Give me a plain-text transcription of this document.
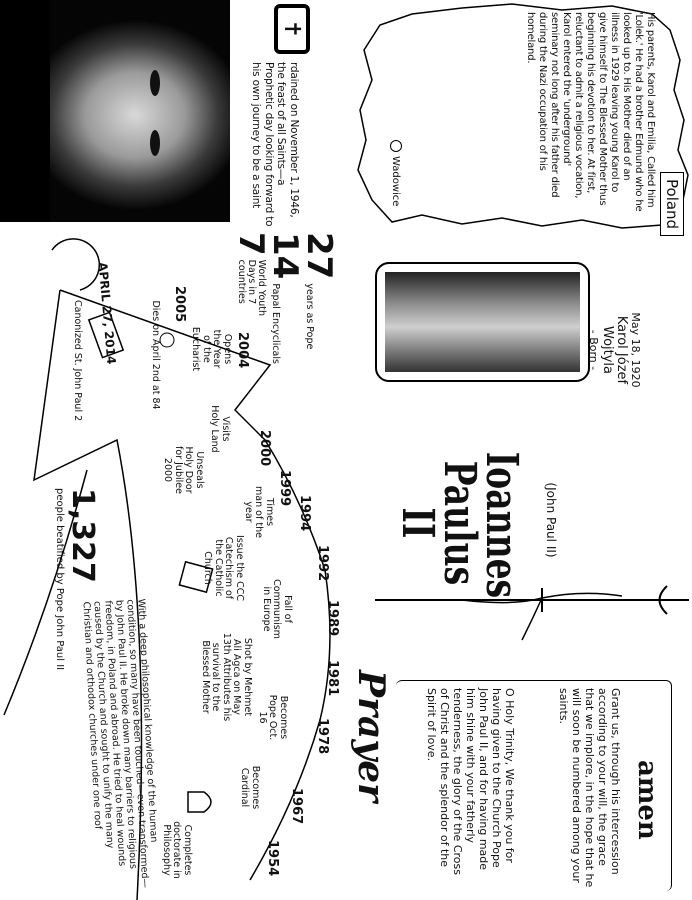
✝
rdained on November 1, 1946, the feast of all Saints—a Prophetic day looking forward to his own journey to be a saint
27
years as Pope
14
Papal Encyclicals
7
World Youth Days in 7 countries
Poland
His parents, Karol and Emilia, Called him 'Lolek.' He had a brother Edmund who he looked up to. His Mother died of an illness in 1929 leaving young Karol to give himself to The Blessed Mother thus beginning his devotion to her. At first, reluctant to admit a religious vocation, Karol entered the 'underground' seminary not long after his father died during the Nazi occupation of his homeland.
Wadowice
May 18, 1920
Karol Józef Wojtyla
- Born -
Ioannes Paulus II	(John Paul II)
APRIL 27, 2014
Canonized St. John Paul 2	2005
Dies on April 2nd at 84	2004
Opens the Year of the Eucharist
2000
Visits Holy Land
1999
Unseals Holy Door for Jubilee 2000
1994
Times man of the year
1992
Issue the CCC Catechism of the Catholic Church
1989
Fall of Communism in Europe
1981
Shot by Mehmet Ali Agca on May 13th Attributes his survival to the Blessed Mother
1978
Becomes Pope Oct. 16
1967
Becomes Cardinal
1954
Completes doctorate in Philosophy
1,327
people beatified by Pope John Paul II
With a deep philosophical knowledge of the human condition, so many have been touched—even transformed—by John Paul II. He broke down many barriers to religious freedom, in Poland and abroad. He tried to heal wounds caused by the Church and sought to unify the many Christian and orthodox churches under one roof	Prayer	O Holy Trinity, We thank you for having given to the Church Pope John Paul II, and for having made him shine with your fatherly tenderness, the glory of the Cross of Christ and the splendor of the Spirit of love.	Grant us, through his intercession according to your will, the grace that we implore, in the hope that he will soon be numbered among your saints.
amen
